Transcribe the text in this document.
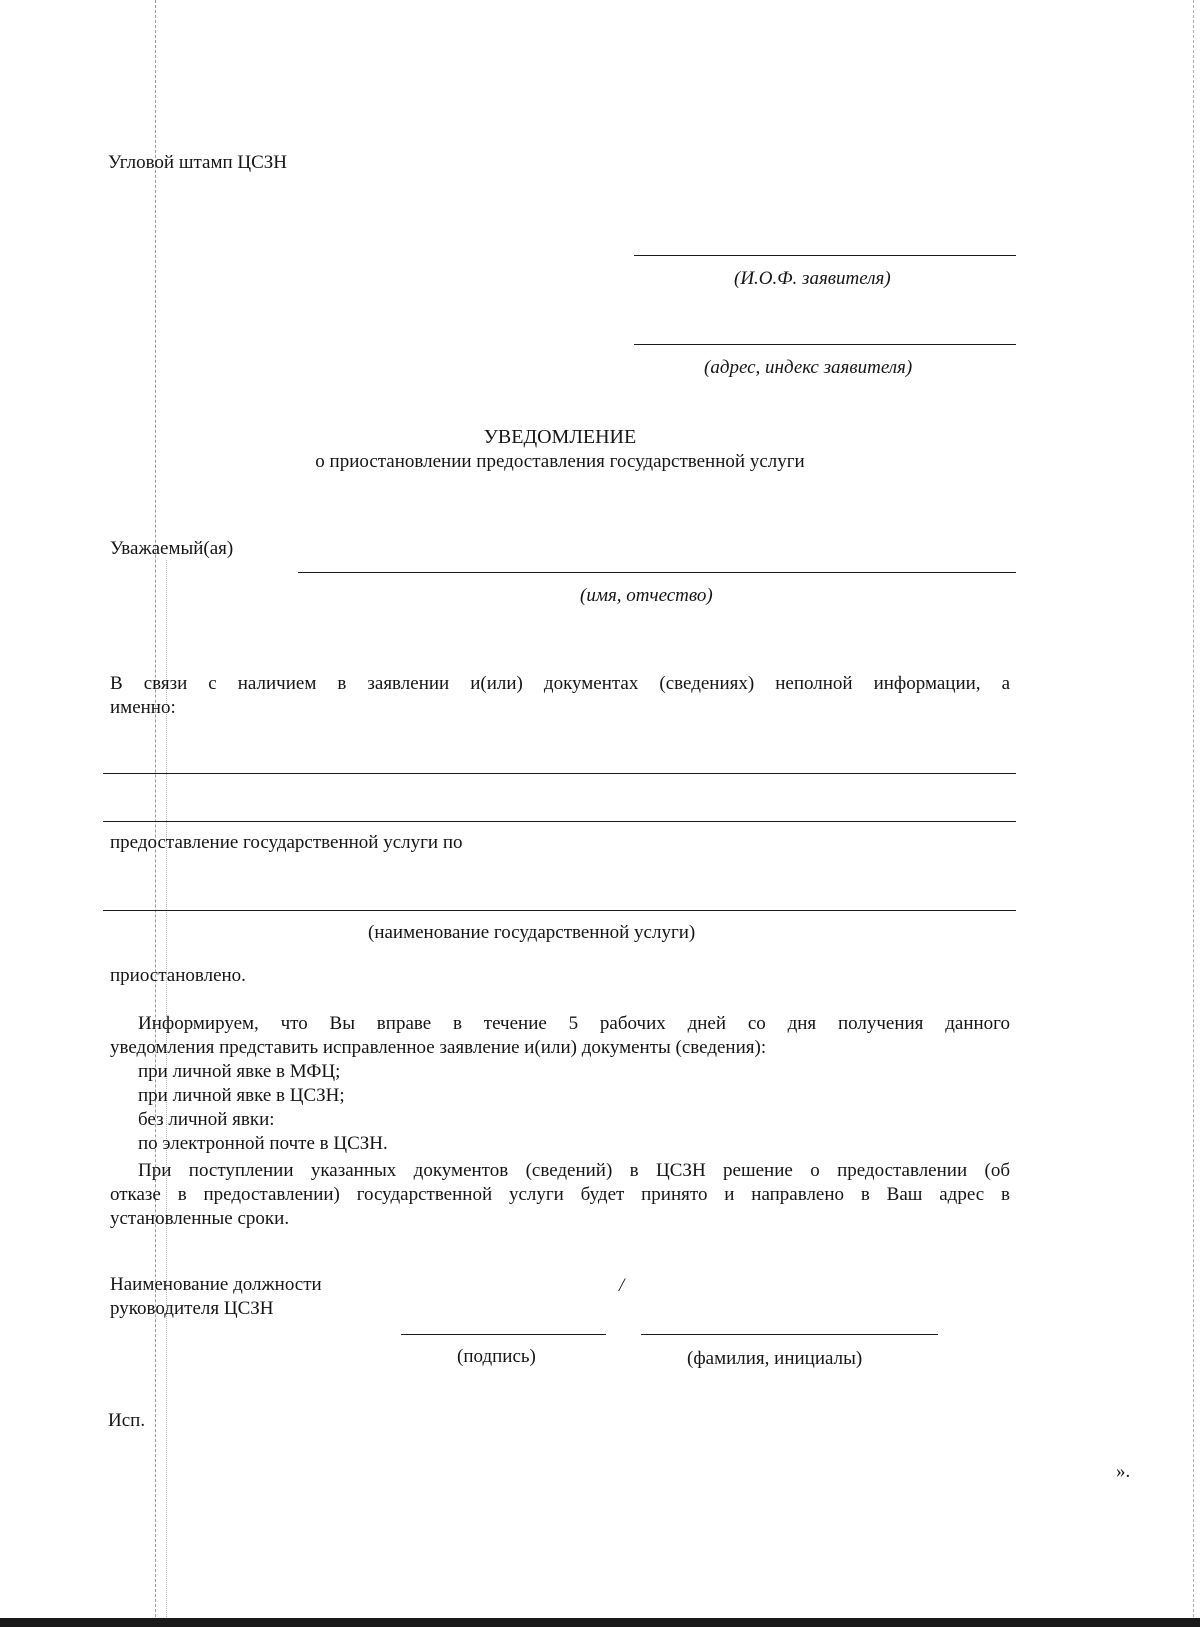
Угловой штамп ЦСЗН
(И.О.Ф. заявителя)
(адрес, индекс заявителя)
УВЕДОМЛЕНИЕ
о приостановлении предоставления государственной услуги
Уважаемый(ая)
(имя, отчество)
В связи с наличием в заявлении и(или) документах (сведениях) неполной информации, а
именно:
предоставление государственной услуги по
(наименование государственной услуги)
приостановлено.
Информируем, что Вы вправе в течение 5 рабочих дней со дня получения данного
уведомления представить исправленное заявление и(или) документы (сведения):
при личной явке в МФЦ;
при личной явке в ЦСЗН;
без личной явки:
по электронной почте в ЦСЗН.
При поступлении указанных документов (сведений) в ЦСЗН решение о предоставлении (об
отказе в предоставлении) государственной услуги будет принято и направлено в Ваш адрес в
установленные сроки.
Наименование должности
руководителя ЦСЗН
/
(подпись)	(фамилия, инициалы)
Исп.
».
